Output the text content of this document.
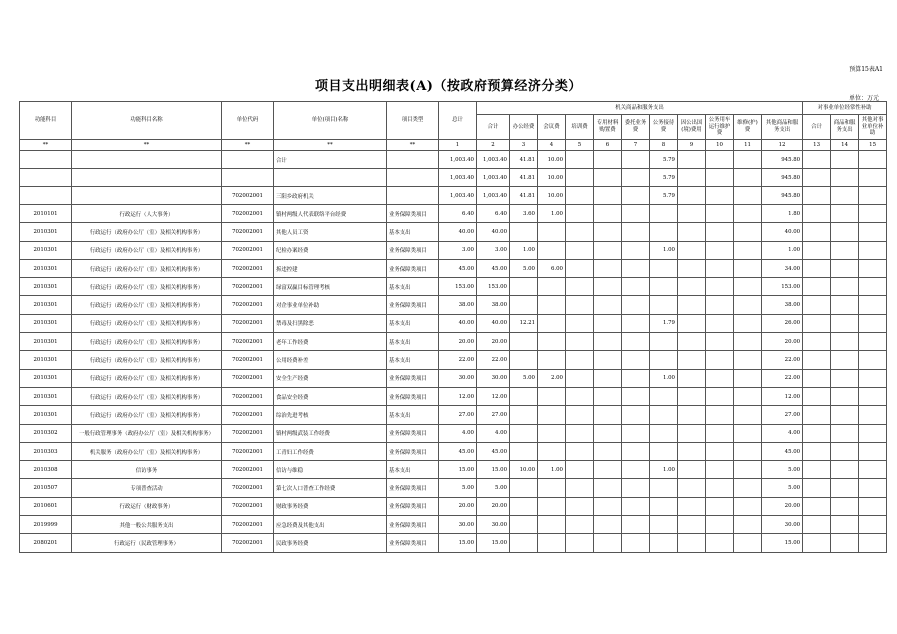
预算15表A1
项目支出明细表(A)（按政府预算经济分类）
单位：万元
功能科目	功能科目名称	单位代码	单位(项目)名称	项目类型	总计	机关商品和服务支出											对事业单位经常性补助		
						合计	办公经费	会议费	培训费	专用材料购置费	委托业务费	公务接待费	因公出国(境)费用	公务用车运行维护费	维修(护)费	其他商品和服务支出	合计	商品和服务支出	其他对事业单位补助
**	**	**	**	**	1	2	3	4	5	6	7	8	9	10	11	12	13	14	15
			合计		1,003.40	1,003.40	41.81	10.00				5.79				945.80			
					1,003.40	1,003.40	41.81	10.00				5.79				945.80			
		702002001	三阳乡政府机关		1,003.40	1,003.40	41.81	10.00				5.79				945.80			
2010101	行政运行（人大事务）	702002001	镇村两级人代表联络平台经费	业务保障类项目	6.40	6.40	3.60	1.00								1.80			
2010301	行政运行（政府办公厅（室）及相关机构事务）	702002001	其他人员工资	基本支出	40.00	40.00										40.00			
2010301	行政运行（政府办公厅（室）及相关机构事务）	702002001	纪检办案经费	业务保障类项目	3.00	3.00	1.00					1.00				1.00			
2010301	行政运行（政府办公厅（室）及相关机构事务）	702002001	拆违控建	业务保障类项目	45.00	45.00	5.00	6.00								34.00			
2010301	行政运行（政府办公厅（室）及相关机构事务）	702002001	绿富双赢目标管理考核	基本支出	153.00	153.00										153.00			
2010301	行政运行（政府办公厅（室）及相关机构事务）	702002001	对企事业单位补助	业务保障类项目	38.00	38.00										38.00			
2010301	行政运行（政府办公厅（室）及相关机构事务）	702002001	禁毒及扫黑除恶	基本支出	40.00	40.00	12.21					1.79				26.00			
2010301	行政运行（政府办公厅（室）及相关机构事务）	702002001	老年工作经费	基本支出	20.00	20.00										20.00			
2010301	行政运行（政府办公厅（室）及相关机构事务）	702002001	公用经费补差	基本支出	22.00	22.00										22.00			
2010301	行政运行（政府办公厅（室）及相关机构事务）	702002001	安全生产经费	业务保障类项目	30.00	30.00	5.00	2.00				1.00				22.00			
2010301	行政运行（政府办公厅（室）及相关机构事务）	702002001	食品安全经费	业务保障类项目	12.00	12.00										12.00			
2010301	行政运行（政府办公厅（室）及相关机构事务）	702002001	综治先进考核	基本支出	27.00	27.00										27.00			
2010302	一般行政管理事务（政府办公厅（室）及相关机构事务）	702002001	镇村两级武装工作经费	业务保障类项目	4.00	4.00										4.00			
2010303	机关服务（政府办公厅（室）及相关机构事务）	702002001	工青妇工作经费	业务保障类项目	45.00	45.00										45.00			
2010308	信访事务	702002001	信访与维稳	基本支出	15.00	15.00	10.00	1.00				1.00				5.00			
2010507	专项普查活动	702002001	第七次人口普查工作经费	业务保障类项目	5.00	5.00										5.00			
2010601	行政运行（财政事务）	702002001	财政事务经费	业务保障类项目	20.00	20.00										20.00			
2019999	其他一般公共服务支出	702002001	应急经费及其他支出	业务保障类项目	30.00	30.00										30.00			
2080201	行政运行（民政管理事务）	702002001	民政事务经费	业务保障类项目	15.00	15.00										15.00			
